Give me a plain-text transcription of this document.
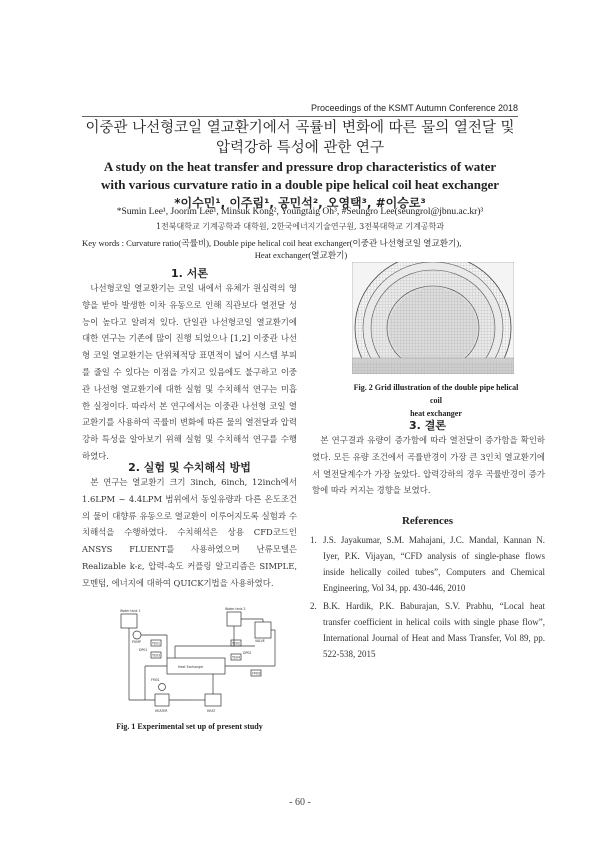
Proceedings of the KSMT Autumn Conference 2018
이중관 나선형코일 열교환기에서 곡률비 변화에 따른 물의 열전달 및
압력강하 특성에 관한 연구
A study on the heat transfer and pressure drop characteristics of water
with various curvature ratio in a double pipe helical coil heat exchanger
*이수민¹, 이주림¹, 공민석², 오영택³, #이승로³
*Sumin Lee¹, Joorim Lee¹, Minsuk Kong², Youngtaig Oh³, #Seungro Lee(seungrol@jbnu.ac.kr)³
1전북대학교 기계공학과 대학원, 2한국에너지기술연구원, 3전북대학교 기계공학과
Key words : Curvature ratio(곡률비), Double pipe helical coil heat exchanger(이중관 나선형코일 열교환기),
Heat exchanger(열교환기)
1. 서론
나선형코일 열교환기는 코일 내에서 유체가 원심력의 영향을 받아 발생한 이차 유동으로 인해 직관보다 열전달 성능이 높다고 알려져 있다. 단일관 나선형코일 열교환기에 대한 연구는 기존에 많이 진행 되었으나 [1,2] 이중관 나선형 코일 열교환기는 단위체적당 표면적이 넓어 시스템 부피를 줄일 수 있다는 이점을 가지고 있음에도 불구하고 이중관 나선형 열교환기에 대한 실험 및 수치해석 연구는 미흡한 실정이다. 따라서 본 연구에서는 이중관 나선형 코일 열교환기를 사용하여 곡률비 변화에 따른 물의 열전달과 압력강하 특성을 알아보기 위해 실험 및 수치해석 연구를 수행하였다.
2. 실험 및 수치해석 방법
본 연구는 열교환기 크기 3inch, 6inch, 12inch에서 1.6LPM ~ 4.4LPM 범위에서 동일유량과 다른 온도조건의 물이 대향류 유동으로 열교환이 이루어지도록 실험과 수치해석을 수행하였다. 수치해석은 상용 CFD코드인 ANSYS FLUENT를 사용하였으며 난류모델은 Realizable k-ε, 압력-속도 커플링 알고리즘은 SIMPLE, 모멘텀, 에너지에 대하여 QUICK기법을 사용하였다.
Water tank 1
PUMP
Heat Exchanger
TE01
TE03
TE02
TE04
DP01
DP02
FM02
FM01
HEATER	HEAT
Water tank 2
VALVE
Fig. 1 Experimental set up of present study
Fig. 2 Grid illustration of the double pipe helical coil
heat exchanger
3. 결론
본 연구결과 유량이 증가함에 따라 열전달이 증가함을 확인하였다. 모든 유량 조건에서 곡률반경이 가장 큰 3인치 열교환기에서 열전달계수가 가장 높았다. 압력강하의 경우 곡률반경이 증가함에 따라 커지는 경향을 보였다.
References
1. J.S. Jayakumar, S.M. Mahajani, J.C. Mandal, Kannan N. Iyer, P.K. Vijayan, “CFD analysis of single-phase flows inside helically coiled tubes”, Computers and Chemical Engineering, Vol 34, pp. 430-446, 2010
2. B.K. Hardik, P.K. Baburajan, S.V. Prabhu, “Local heat transfer coefficient in helical coils with single phase flow”, International Journal of Heat and Mass Transfer, Vol 89, pp. 522-538, 2015
- 60 -
